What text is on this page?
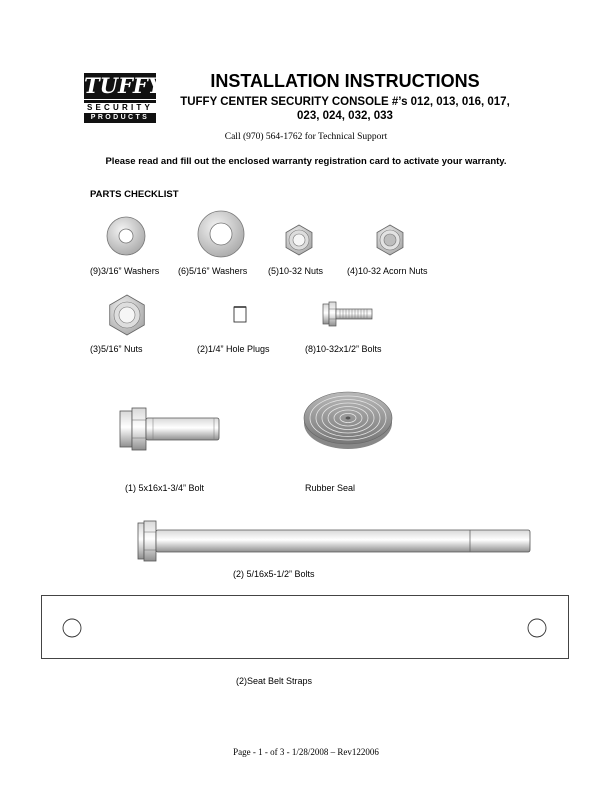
TUFFY
SECURITY
PRODUCTS
INSTALLATION INSTRUCTIONS
TUFFY CENTER SECURITY CONSOLE #’s 012, 013, 016, 017,
023, 024, 032, 033
Call (970) 564-1762 for Technical Support
Please read and fill out the enclosed warranty registration card to activate your warranty.
PARTS CHECKLIST
(9)3/16” Washers (6)5/16” Washers (5)10-32 Nuts	(4)10-32 Acorn Nuts
(3)5/16” Nuts	(2)1/4” Hole Plugs	(8)10-32x1/2” Bolts
(1) 5x16x1-3/4” Bolt	Rubber Seal
(2) 5/16x5-1/2” Bolts
(2)Seat Belt Straps
Page - 1 - of 3 - 1/28/2008 – Rev122006
